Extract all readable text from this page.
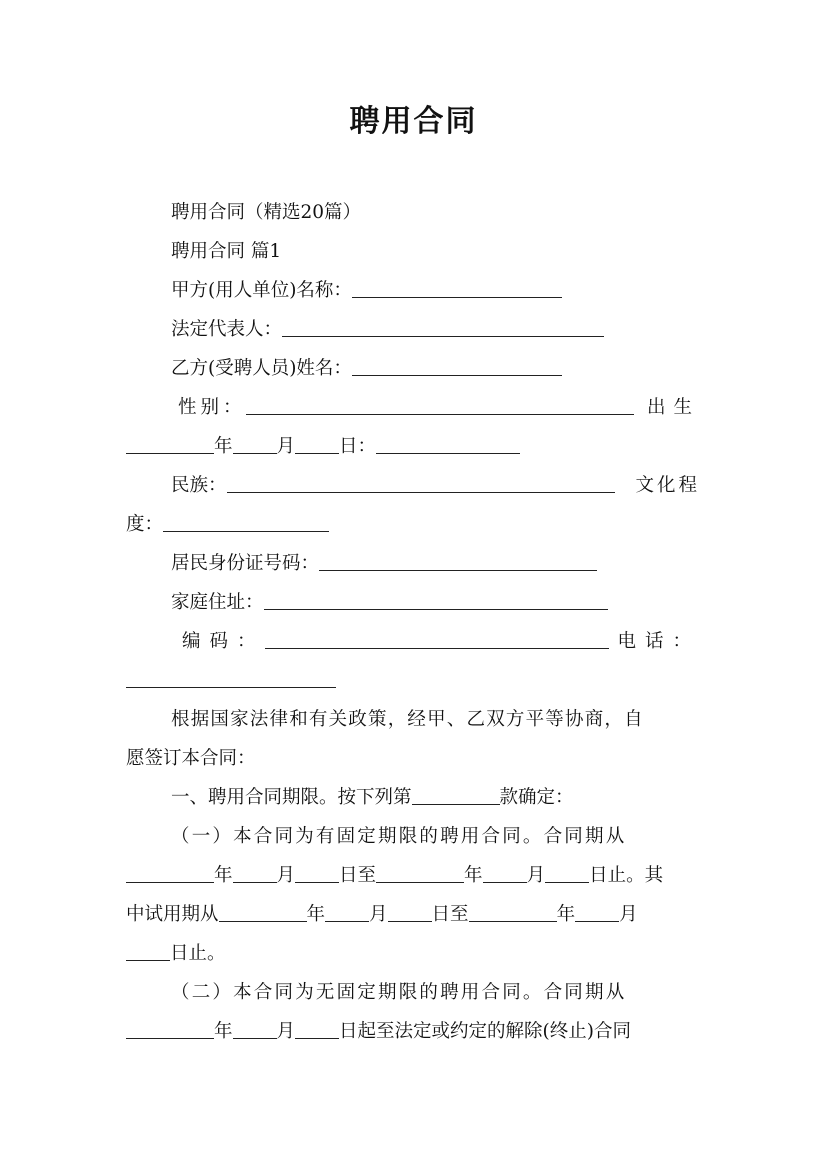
聘用合同
聘用合同（精选20篇）
聘用合同 篇1
甲方(用人单位)名称：
法定代表人：
乙方(受聘人员)姓名：
性别：	出生
年 月 日：
民族：	文化程
度：
居民身份证号码：
家庭住址：
编码：	电话：
根据国家法律和有关政策，经甲、乙双方平等协商，自
愿签订本合同：
一、聘用合同期限。按下列第	款确定：
（一）本合同为有固定期限的聘用合同。合同期从
年 月 日至	年 月 日止。其
中试用期从	年 月 日至	年 月
日止。
（二）本合同为无固定期限的聘用合同。合同期从
年 月 日起至法定或约定的解除(终止)合同
